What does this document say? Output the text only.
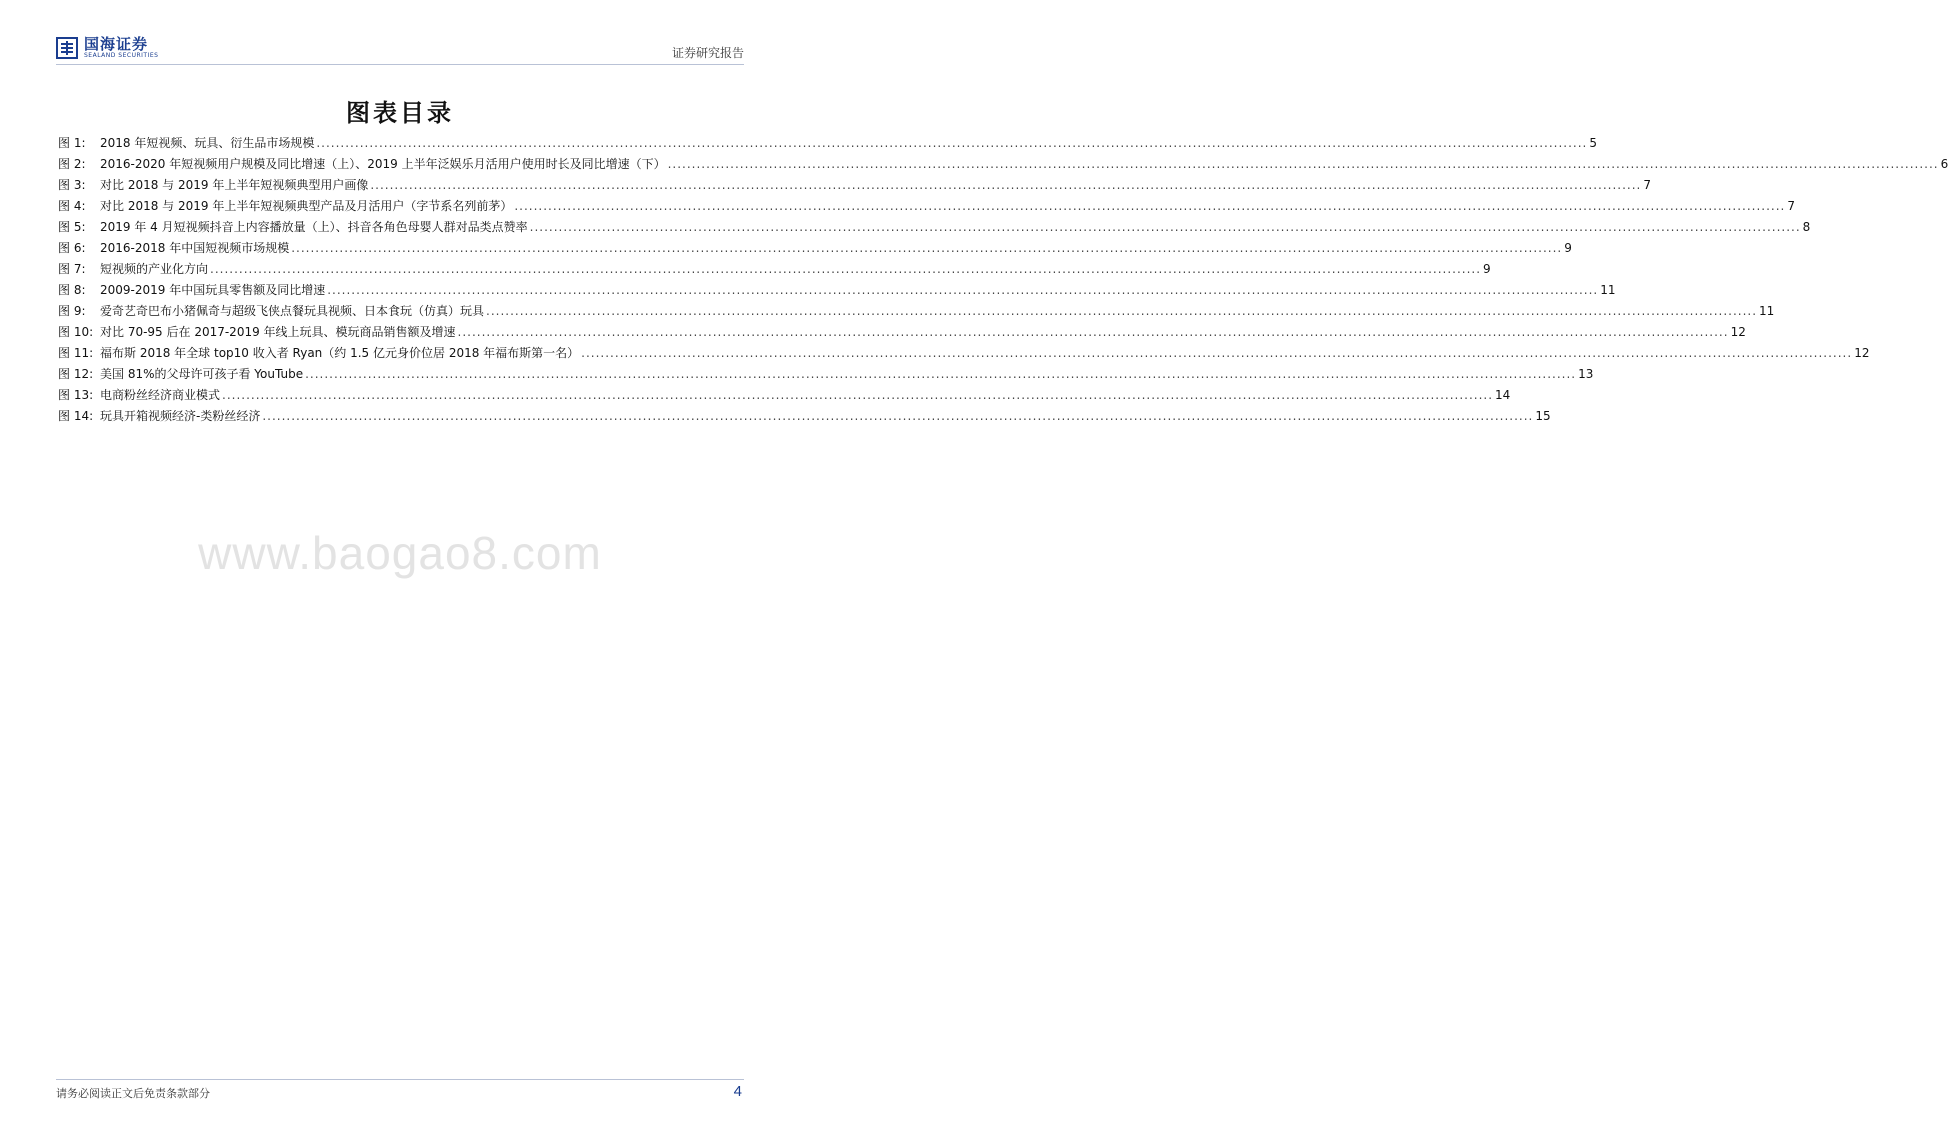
国海证券
SEALAND SECURITIES	证券研究报告
图表目录
图 1:	2018 年短视频、玩具、衍生品市场规模 .....	5
图 2:	2016-2020 年短视频用户规模及同比增速（上）、2019 上半年泛娱乐月活用户使用时长及同比增速（下） .....	6
图 3:	对比 2018 与 2019 年上半年短视频典型用户画像 .....	7
图 4:	对比 2018 与 2019 年上半年短视频典型产品及月活用户（字节系名列前茅） .....	7
图 5:	2019 年 4 月短视频抖音上内容播放量（上）、抖音各角色母婴人群对品类点赞率 .....	8
图 6:	2016-2018 年中国短视频市场规模 .....	9
图 7:	短视频的产业化方向 .....	9
图 8:	2009-2019 年中国玩具零售额及同比增速 .....	11
图 9:	爱奇艺奇巴布小猪佩奇与超级飞侠点餐玩具视频、日本食玩（仿真）玩具 .....	11
图 10: 对比 70-95 后在 2017-2019 年线上玩具、模玩商品销售额及增速 .....	12
图 11: 福布斯 2018 年全球 top10 收入者 Ryan（约 1.5 亿元身价位居 2018 年福布斯第一名） .....	12
图 12: 美国 81%的父母许可孩子看 YouTube .....	13
图 13: 电商粉丝经济商业模式 .....	14
图 14: 玩具开箱视频经济-类粉丝经济 .....	15
www.baogao8.com
请务必阅读正文后免责条款部分	4
